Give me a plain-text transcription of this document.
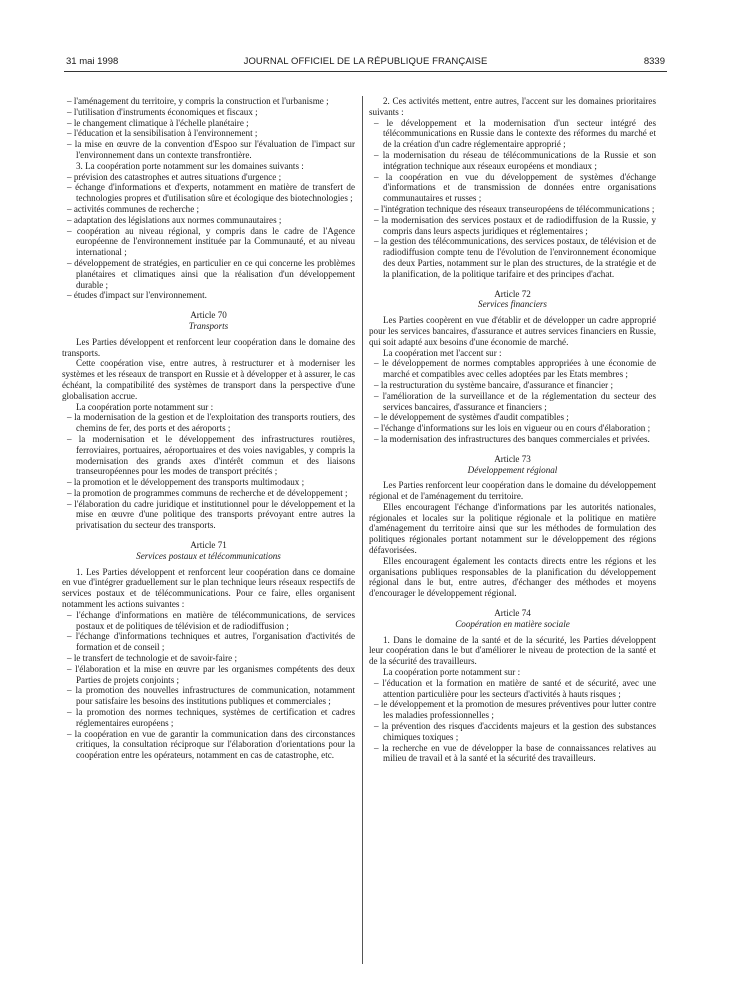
31 mai 1998	JOURNAL OFFICIEL DE LA RÉPUBLIQUE FRANÇAISE	8339

– l'aménagement du territoire, y compris la construction et l'urbanisme ;

– l'utilisation d'instruments économiques et fiscaux ;

– le changement climatique à l'échelle planétaire ;

– l'éducation et la sensibilisation à l'environnement ;

– la mise en œuvre de la convention d'Espoo sur l'évaluation de l'impact sur l'environnement dans un contexte transfrontière.

3. La coopération porte notamment sur les domaines suivants :

– prévision des catastrophes et autres situations d'urgence ;

– échange d'informations et d'experts, notamment en matière de transfert de technologies propres et d'utilisation sûre et écologique des biotechnologies ;

– activités communes de recherche ;

– adaptation des législations aux normes communautaires ;

– coopération au niveau régional, y compris dans le cadre de l'Agence européenne de l'environnement instituée par la Communauté, et au niveau international ;

– développement de stratégies, en particulier en ce qui concerne les problèmes planétaires et climatiques ainsi que la réalisation d'un développement durable ;

– études d'impact sur l'environnement.

Article 70

Transports

Les Parties développent et renforcent leur coopération dans le domaine des transports.

Cette coopération vise, entre autres, à restructurer et à moderniser les systèmes et les réseaux de transport en Russie et à développer et à assurer, le cas échéant, la compatibilité des systèmes de transport dans la perspective d'une globalisation accrue.

La coopération porte notamment sur :

– la modernisation de la gestion et de l'exploitation des transports routiers, des chemins de fer, des ports et des aéroports ;

– la modernisation et le développement des infrastructures routières, ferroviaires, portuaires, aéroportuaires et des voies navigables, y compris la modernisation des grands axes d'intérêt commun et des liaisons transeuropéennes pour les modes de transport précités ;

– la promotion et le développement des transports multimodaux ;

– la promotion de programmes communs de recherche et de développement ;

– l'élaboration du cadre juridique et institutionnel pour le développement et la mise en œuvre d'une politique des transports prévoyant entre autres la privatisation du secteur des transports.

Article 71

Services postaux et télécommunications

1. Les Parties développent et renforcent leur coopération dans ce domaine en vue d'intégrer graduellement sur le plan technique leurs réseaux respectifs de services postaux et de télécommunications. Pour ce faire, elles organisent notamment les actions suivantes :

– l'échange d'informations en matière de télécommunications, de services postaux et de politiques de télévision et de radiodiffusion ;

– l'échange d'informations techniques et autres, l'organisation d'activités de formation et de conseil ;

– le transfert de technologie et de savoir-faire ;

– l'élaboration et la mise en œuvre par les organismes compétents des deux Parties de projets conjoints ;

– la promotion des nouvelles infrastructures de communication, notamment pour satisfaire les besoins des institutions publiques et commerciales ;

– la promotion des normes techniques, systèmes de certification et cadres réglementaires européens ;

– la coopération en vue de garantir la communication dans des circonstances critiques, la consultation réciproque sur l'élaboration d'orientations pour la coopération entre les opérateurs, notamment en cas de catastrophe, etc.

2. Ces activités mettent, entre autres, l'accent sur les domaines prioritaires suivants :

– le développement et la modernisation d'un secteur intégré des télécommunications en Russie dans le contexte des réformes du marché et de la création d'un cadre réglementaire approprié ;

– la modernisation du réseau de télécommunications de la Russie et son intégration technique aux réseaux européens et mondiaux ;

– la coopération en vue du développement de systèmes d'échange d'informations et de transmission de données entre organisations communautaires et russes ;

– l'intégration technique des réseaux transeuropéens de télécommunications ;

– la modernisation des services postaux et de radiodiffusion de la Russie, y compris dans leurs aspects juridiques et réglementaires ;

– la gestion des télécommunications, des services postaux, de télévision et de radiodiffusion compte tenu de l'évolution de l'environnement économique des deux Parties, notamment sur le plan des structures, de la stratégie et de la planification, de la politique tarifaire et des principes d'achat.

Article 72

Services financiers

Les Parties coopèrent en vue d'établir et de développer un cadre approprié pour les services bancaires, d'assurance et autres services financiers en Russie, qui soit adapté aux besoins d'une économie de marché.

La coopération met l'accent sur :

– le développement de normes comptables appropriées à une économie de marché et compatibles avec celles adoptées par les Etats membres ;

– la restructuration du système bancaire, d'assurance et financier ;

– l'amélioration de la surveillance et de la réglementation du secteur des services bancaires, d'assurance et financiers ;

– le développement de systèmes d'audit compatibles ;

– l'échange d'informations sur les lois en vigueur ou en cours d'élaboration ;

– la modernisation des infrastructures des banques commerciales et privées.

Article 73

Développement régional

Les Parties renforcent leur coopération dans le domaine du développement régional et de l'aménagement du territoire.

Elles encouragent l'échange d'informations par les autorités nationales, régionales et locales sur la politique régionale et la politique en matière d'aménagement du territoire ainsi que sur les méthodes de formulation des politiques régionales portant notamment sur le développement des régions défavorisées.

Elles encouragent également les contacts directs entre les régions et les organisations publiques responsables de la planification du développement régional dans le but, entre autres, d'échanger des méthodes et moyens d'encourager le développement régional.

Article 74

Coopération en matière sociale

1. Dans le domaine de la santé et de la sécurité, les Parties développent leur coopération dans le but d'améliorer le niveau de protection de la santé et de la sécurité des travailleurs.

La coopération porte notamment sur :

– l'éducation et la formation en matière de santé et de sécurité, avec une attention particulière pour les secteurs d'activités à hauts risques ;

– le développement et la promotion de mesures préventives pour lutter contre les maladies professionnelles ;

– la prévention des risques d'accidents majeurs et la gestion des substances chimiques toxiques ;

– la recherche en vue de développer la base de connaissances relatives au milieu de travail et à la santé et la sécurité des travailleurs.
